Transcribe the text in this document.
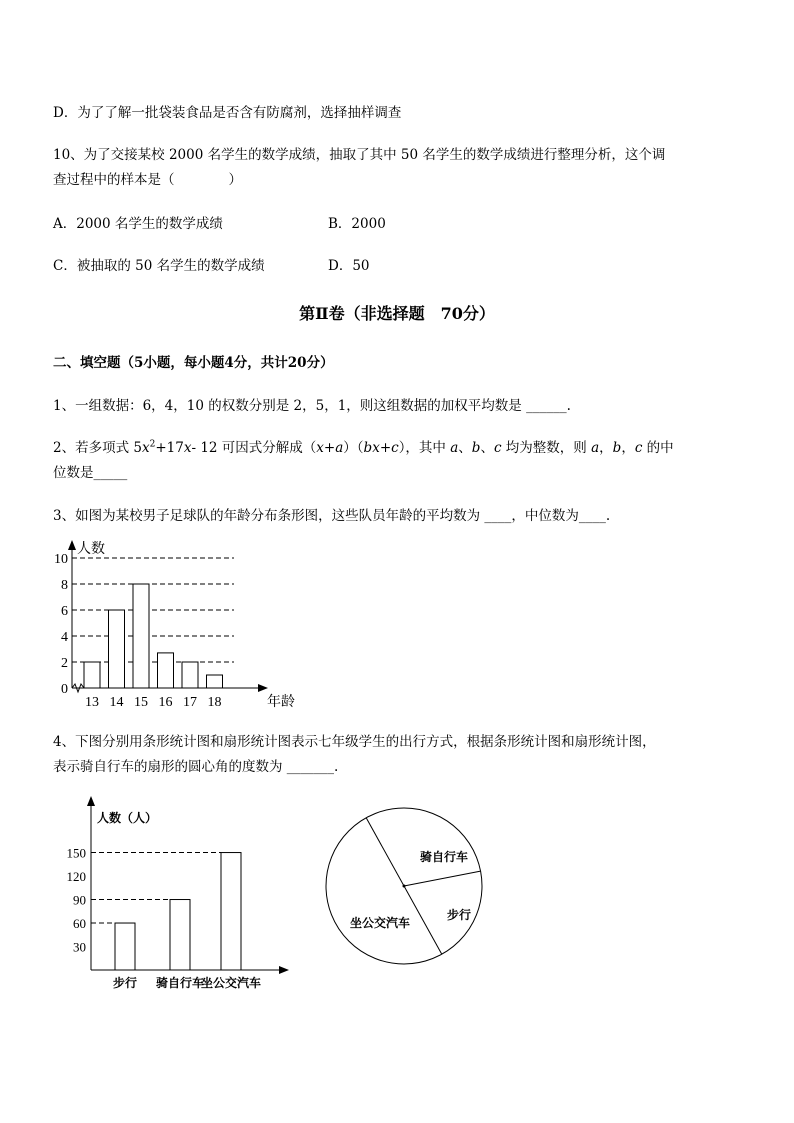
D．为了了解一批袋装食品是否含有防腐剂，选择抽样调查
10、为了交接某校 2000 名学生的数学成绩，抽取了其中 50 名学生的数学成绩进行整理分析，这个调
查过程中的样本是（　　　　）
A．2000 名学生的数学成绩	B．2000
C．被抽取的 50 名学生的数学成绩	D．50
第Ⅱ卷（非选择题　70分）
二、填空题（5小题，每小题4分，共计20分）
1、一组数据：6，4，10 的权数分别是 2，5，1，则这组数据的加权平均数是 ______.
2、若多项式 $5x^2+17x-$ 12 可因式分解成（x+a）（bx+c），其中 a、b、c 均为整数，则 a，b，c 的中
位数是_____
3、如图为某校男子足球队的年龄分布条形图，这些队员年龄的平均数为 ____，中位数为____.
人数
年龄
0
2
4
6
8
10
13 14 15 16 17 18
4、下图分别用条形统计图和扇形统计图表示七年级学生的出行方式，根据条形统计图和扇形统计图，
表示骑自行车的扇形的圆心角的度数为 _______.
人数（人）
30
60
90
120
150
步行 骑自行车
坐公交汽车
骑自行车
步行
坐公交汽车
